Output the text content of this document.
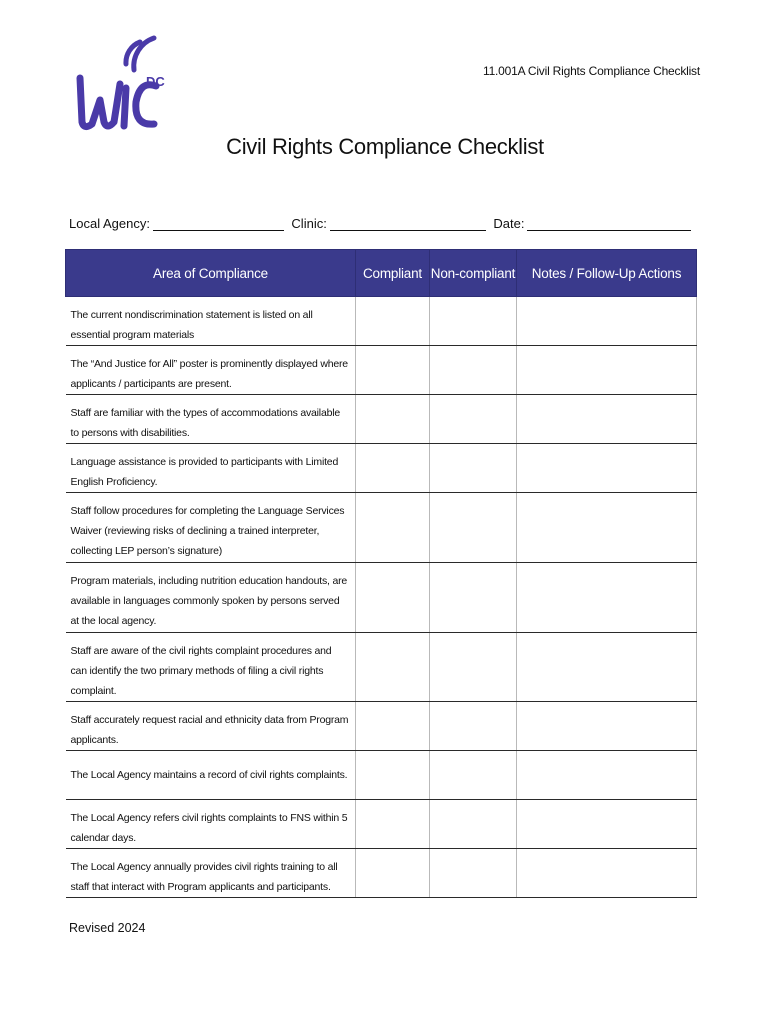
DC
11.001A Civil Rights Compliance Checklist
Civil Rights Compliance Checklist
Local Agency:	Clinic:	Date:
Area of Compliance	Compliant	Non-compliant	Notes / Follow-Up Actions
The current nondiscrimination statement is listed on all essential program materials			
The “And Justice for All” poster is prominently displayed where applicants / participants are present.			
Staff are familiar with the types of accommodations available to persons with disabilities.			
Language assistance is provided to participants with Limited English Proficiency.			
Staff follow procedures for completing the Language Services Waiver (reviewing risks of declining a trained interpreter, collecting LEP person’s signature)			
Program materials, including nutrition education handouts, are available in languages commonly spoken by persons served at the local agency.			
Staff are aware of the civil rights complaint procedures and can identify the two primary methods of filing a civil rights complaint.			
Staff accurately request racial and ethnicity data from Program applicants.			
The Local Agency maintains a record of civil rights complaints.			
The Local Agency refers civil rights complaints to FNS within 5 calendar days.			
The Local Agency annually provides civil rights training to all staff that interact with Program applicants and participants.			
Revised 2024
